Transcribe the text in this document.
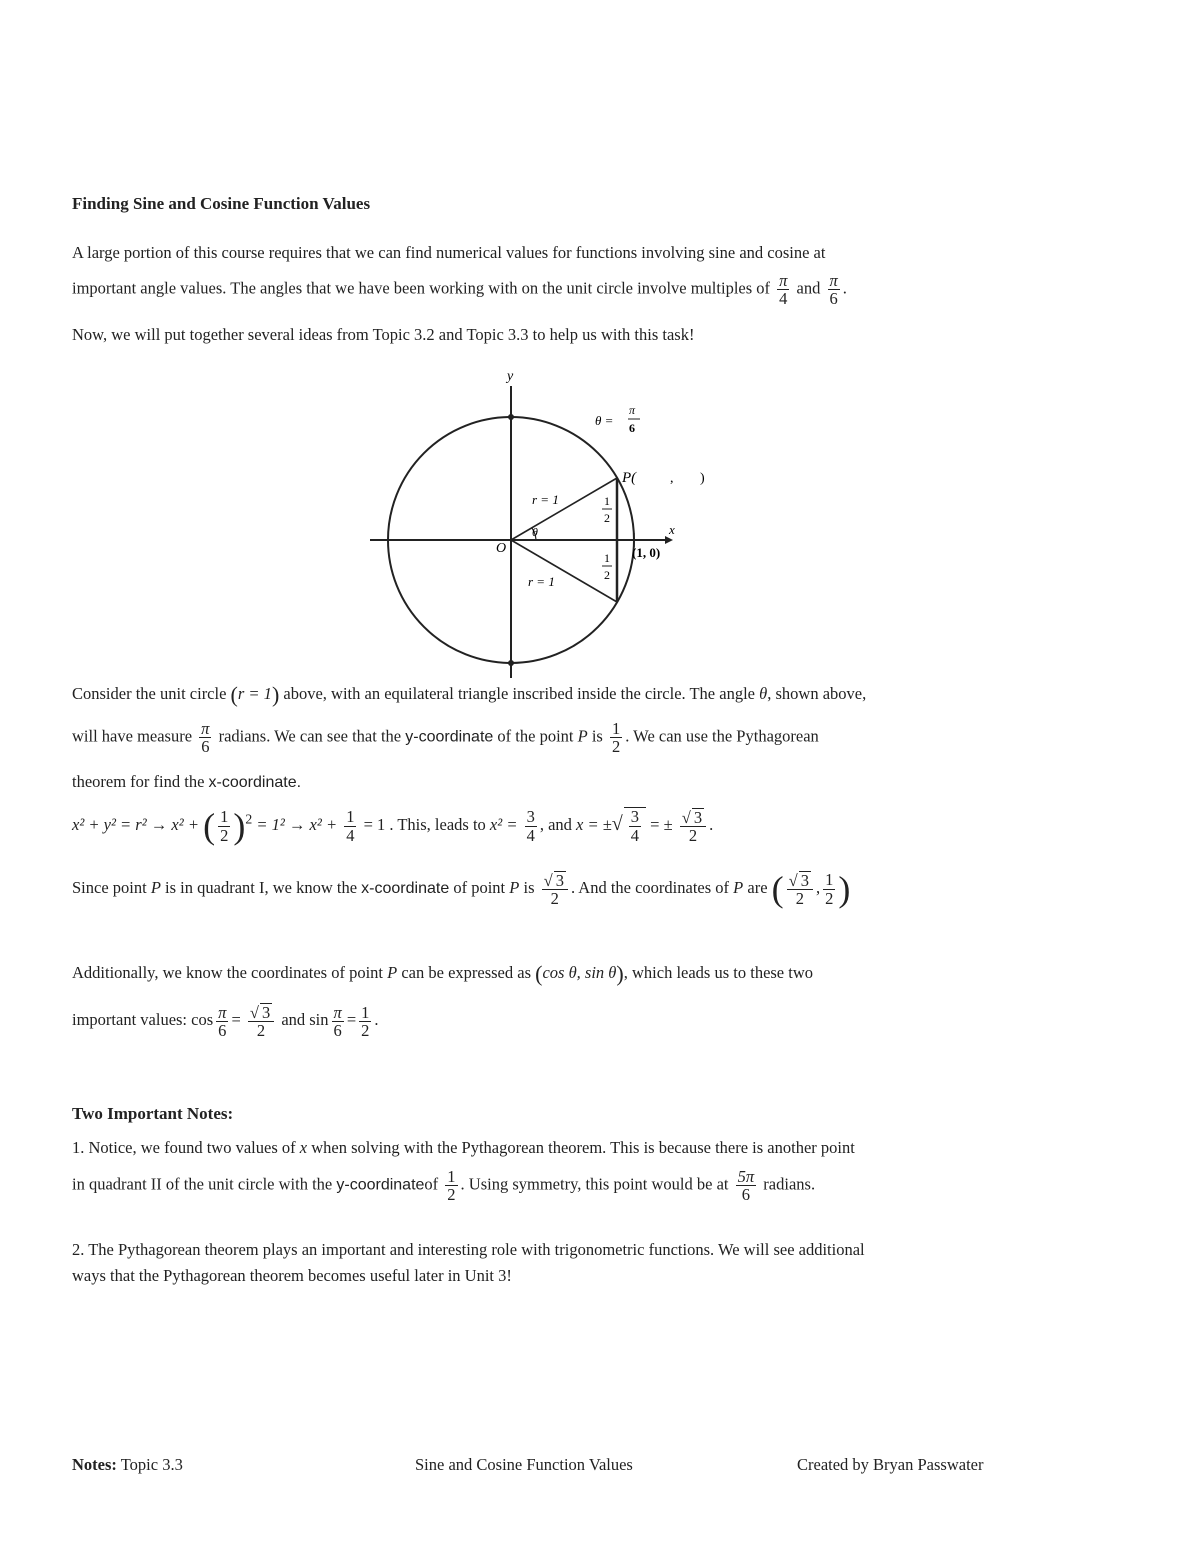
Finding Sine and Cosine Function Values
A large portion of this course requires that we can find numerical values for functions involving sine and cosine at
important angle values. The angles that we have been working with on the unit circle involve multiples of $\frac{\pi}{4}$ and $\frac{\pi}{6}$ .
Now, we will put together several ideas from Topic 3.2 and Topic 3.3 to help us with this task!
y
x
θ =
π
6
P( , )
r = 1
r = 1
θ
O
1
2
1
2
(1, 0)
Consider the unit circle (r = 1) above, with an equilateral triangle inscribed inside the circle. The angle θ, shown above,
will have measure $\frac{\pi}{6}$ radians. We can see that the y-coordinate of the point P is $\frac{1}{2}$ . We can use the Pythagorean
theorem for find the x-coordinate.
x² + y² = r² → x² + ( $\frac{1}{2} )^2 = 1^2 \to x^2 + \frac{1}{4} = 1$ . This, leads to $x^2 = \frac{3}{4}$ , and x = ±√ $\frac{3}{4}$ = ± $\frac{√ 3}{2}$ .
Since point P is in quadrant I, we know the x-coordinate of point P is $\frac{√ 3}{2}$ . And the coordinates of P are ( $\frac{√ 3}{2}$ , $\frac{1}{2}$ )
Additionally, we know the coordinates of point P can be expressed as (cos θ, sin θ), which leads us to these two
important values: $\cos \frac{\pi}{6} = \frac{√ 3}{2}$ and $\sin \frac{\pi}{6} = \frac{1}{2}$ .
Two Important Notes:
1. Notice, we found two values of x when solving with the Pythagorean theorem. This is because there is another point
in quadrant II of the unit circle with the y-coordinateof $\frac{1}{2}$ . Using symmetry, this point would be at $\frac{5\pi}{6}$ radians.
2. The Pythagorean theorem plays an important and interesting role with trigonometric functions. We will see additional
ways that the Pythagorean theorem becomes useful later in Unit 3!
Notes: Topic 3.3	Sine and Cosine Function Values	Created by Bryan Passwater
